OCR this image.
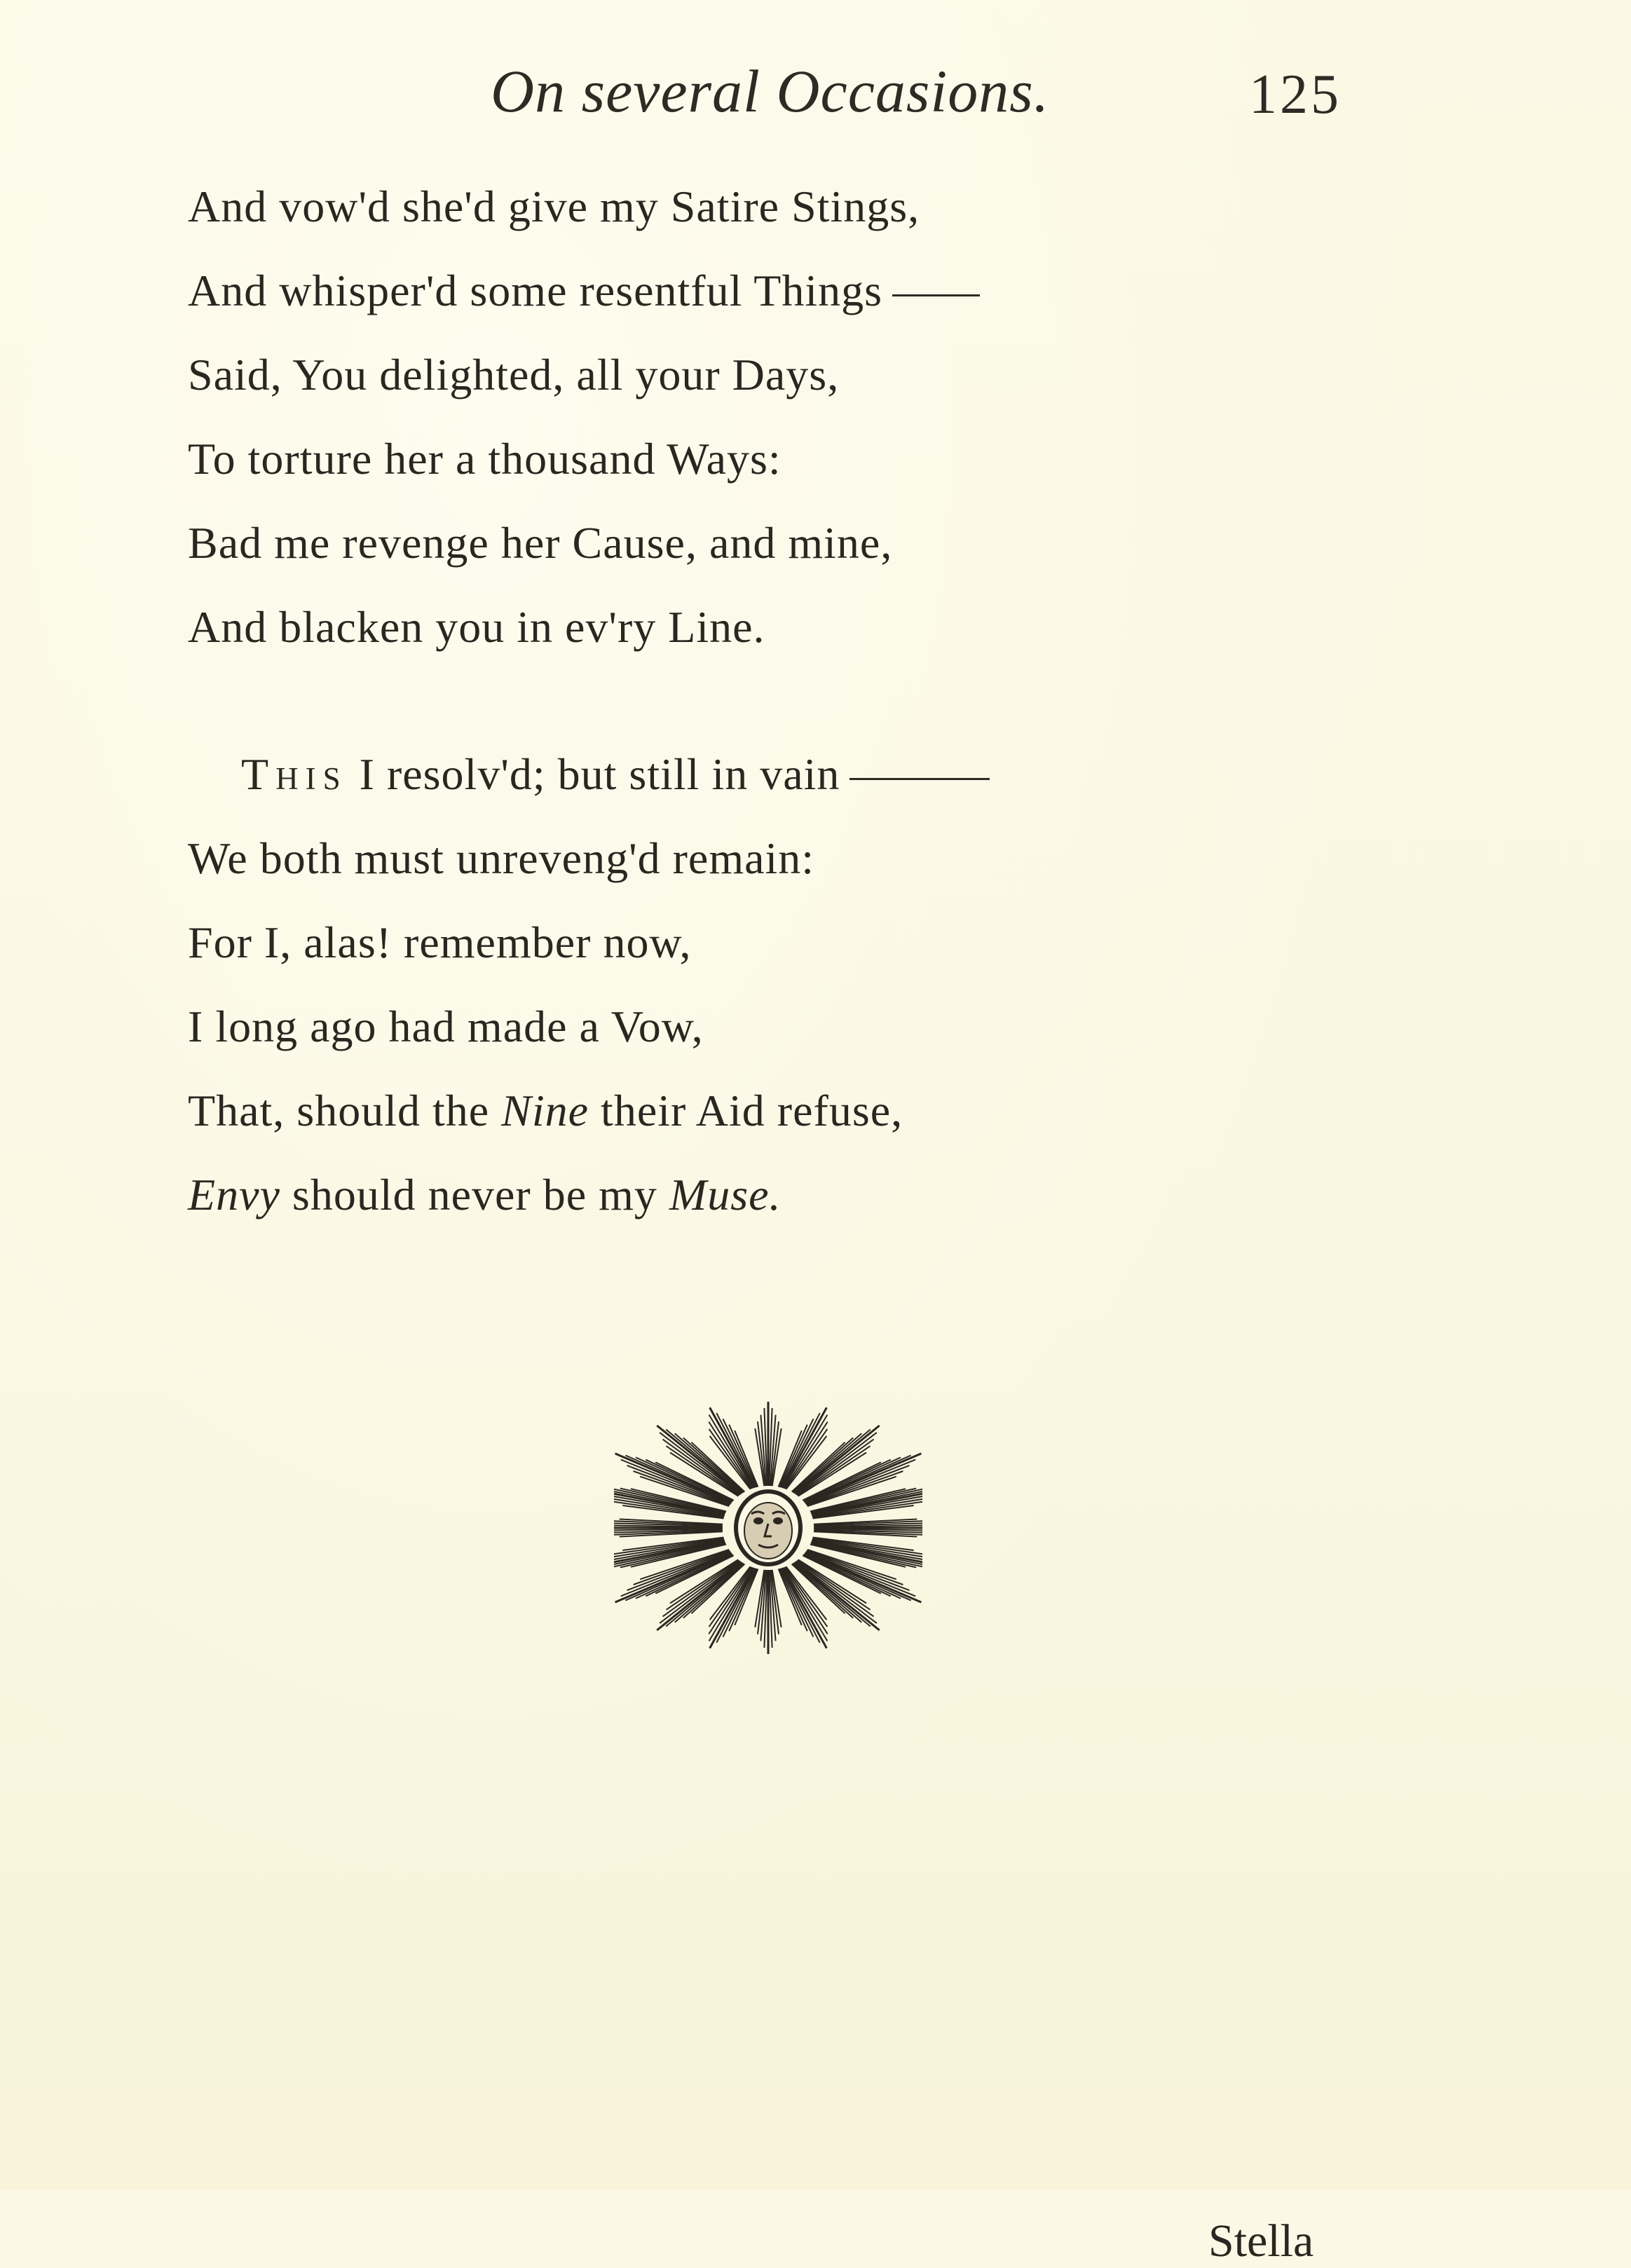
On several Occasions.	125
And vow'd she'd give my Satire Stings,
And whisper'd some resentful Things
Said, You delighted, all your Days,
To torture her a thousand Ways:
Bad me revenge her Cause, and mine,
And blacken you in ev'ry Line.
This I resolv'd; but still in vain
We both must unreveng'd remain:
For I, alas! remember now,
I long ago had made a Vow,
That, should the Nine their Aid refuse,
Envy should never be my Muse.
Stella
